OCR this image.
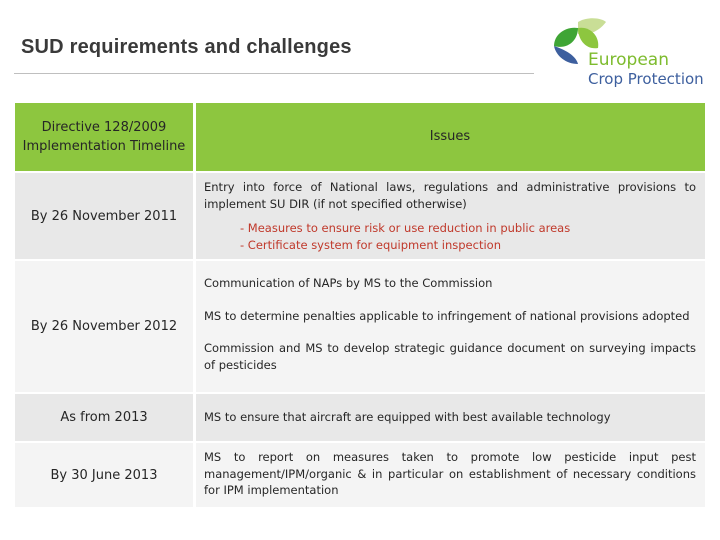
SUD requirements and challenges
European
Crop Protection
Directive 128/2009 Implementation Timeline
Issues
By 26 November 2011
Entry into force of National laws, regulations and administrative provisions to implement SU DIR (if not specified otherwise)
- Measures to ensure risk or use reduction in public areas
- Certificate system for equipment inspection
By 26 November 2012
Communication of NAPs by MS to the Commission
MS to determine penalties applicable to infringement of national provisions adopted
Commission and MS to develop strategic guidance document on surveying impacts of pesticides
As from 2013	MS to ensure that aircraft are equipped with best available technology
By 30 June 2013
MS to report on measures taken to promote low pesticide input pest management/IPM/organic & in particular on establishment of necessary conditions for IPM implementation
